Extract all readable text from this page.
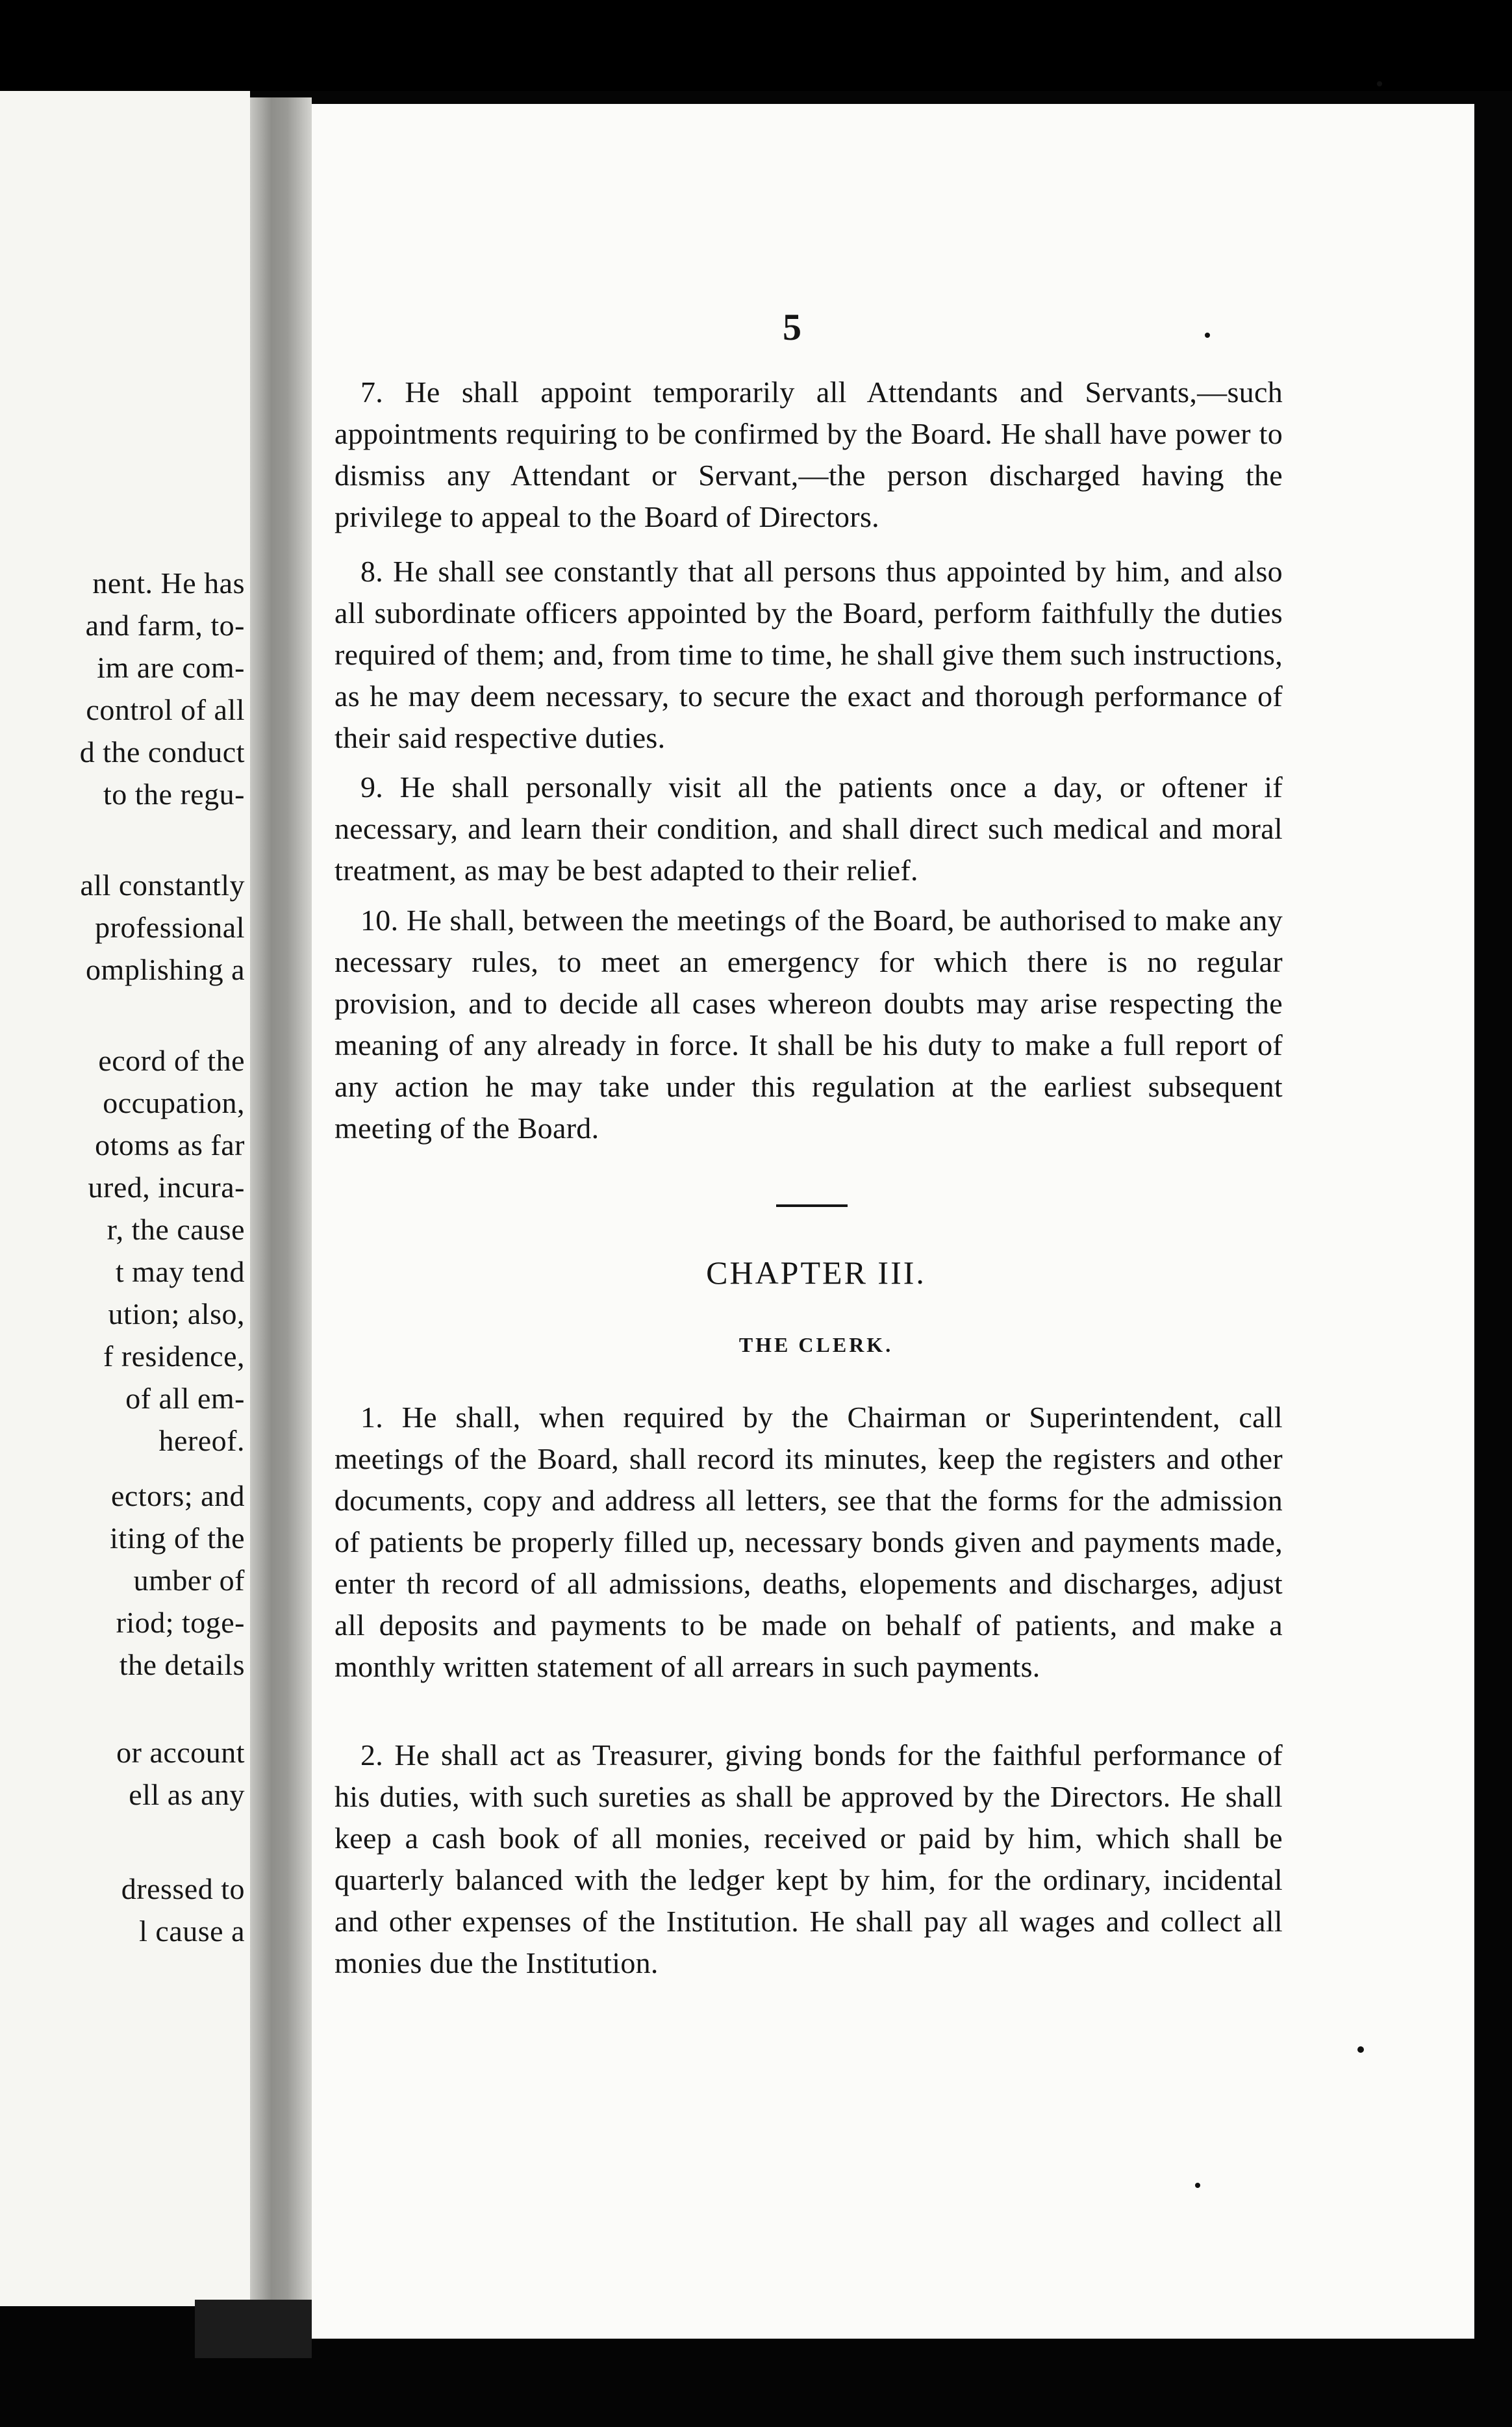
nent. He has
and farm, to-
im are com-
control of all
d the conduct
to the regu-
all constantly
professional
omplishing a
ecord of the
occupation,
otoms as far
ured, incura-
r, the cause
t may tend
ution; also,
f residence,
of all em-
hereof.
ectors; and
iting of the
umber of
riod; toge-
the details
or account
ell as any
dressed to
l cause a
5

7. He shall appoint temporarily all Attendants and Servants,—such appointments requiring to be confirmed by the Board. He shall have power to dismiss any Attendant or Servant,—the person discharged having the privilege to appeal to the Board of Directors.

8. He shall see constantly that all persons thus appointed by him, and also all subordinate officers appointed by the Board, perform faithfully the duties required of them; and, from time to time, he shall give them such instructions, as he may deem necessary, to secure the exact and thorough performance of their said respective duties.

9. He shall personally visit all the patients once a day, or oftener if necessary, and learn their condition, and shall direct such medical and moral treatment, as may be best adapted to their relief.

10. He shall, between the meetings of the Board, be authorised to make any necessary rules, to meet an emergency for which there is no regular provision, and to decide all cases whereon doubts may arise respecting the meaning of any already in force. It shall be his duty to make a full report of any action he may take under this regulation at the earliest subsequent meeting of the Board.

CHAPTER III.
THE CLERK.

1. He shall, when required by the Chairman or Superintendent, call meetings of the Board, shall record its minutes, keep the registers and other documents, copy and address all letters, see that the forms for the admission of patients be properly filled up, necessary bonds given and payments made, enter th record of all admissions, deaths, elopements and discharges, adjust all deposits and payments to be made on behalf of patients, and make a monthly written statement of all arrears in such payments.

2. He shall act as Treasurer, giving bonds for the faithful performance of his duties, with such sureties as shall be approved by the Directors. He shall keep a cash book of all monies, received or paid by him, which shall be quarterly balanced with the ledger kept by him, for the ordinary, incidental and other expenses of the Institution. He shall pay all wages and collect all monies due the Institution.
